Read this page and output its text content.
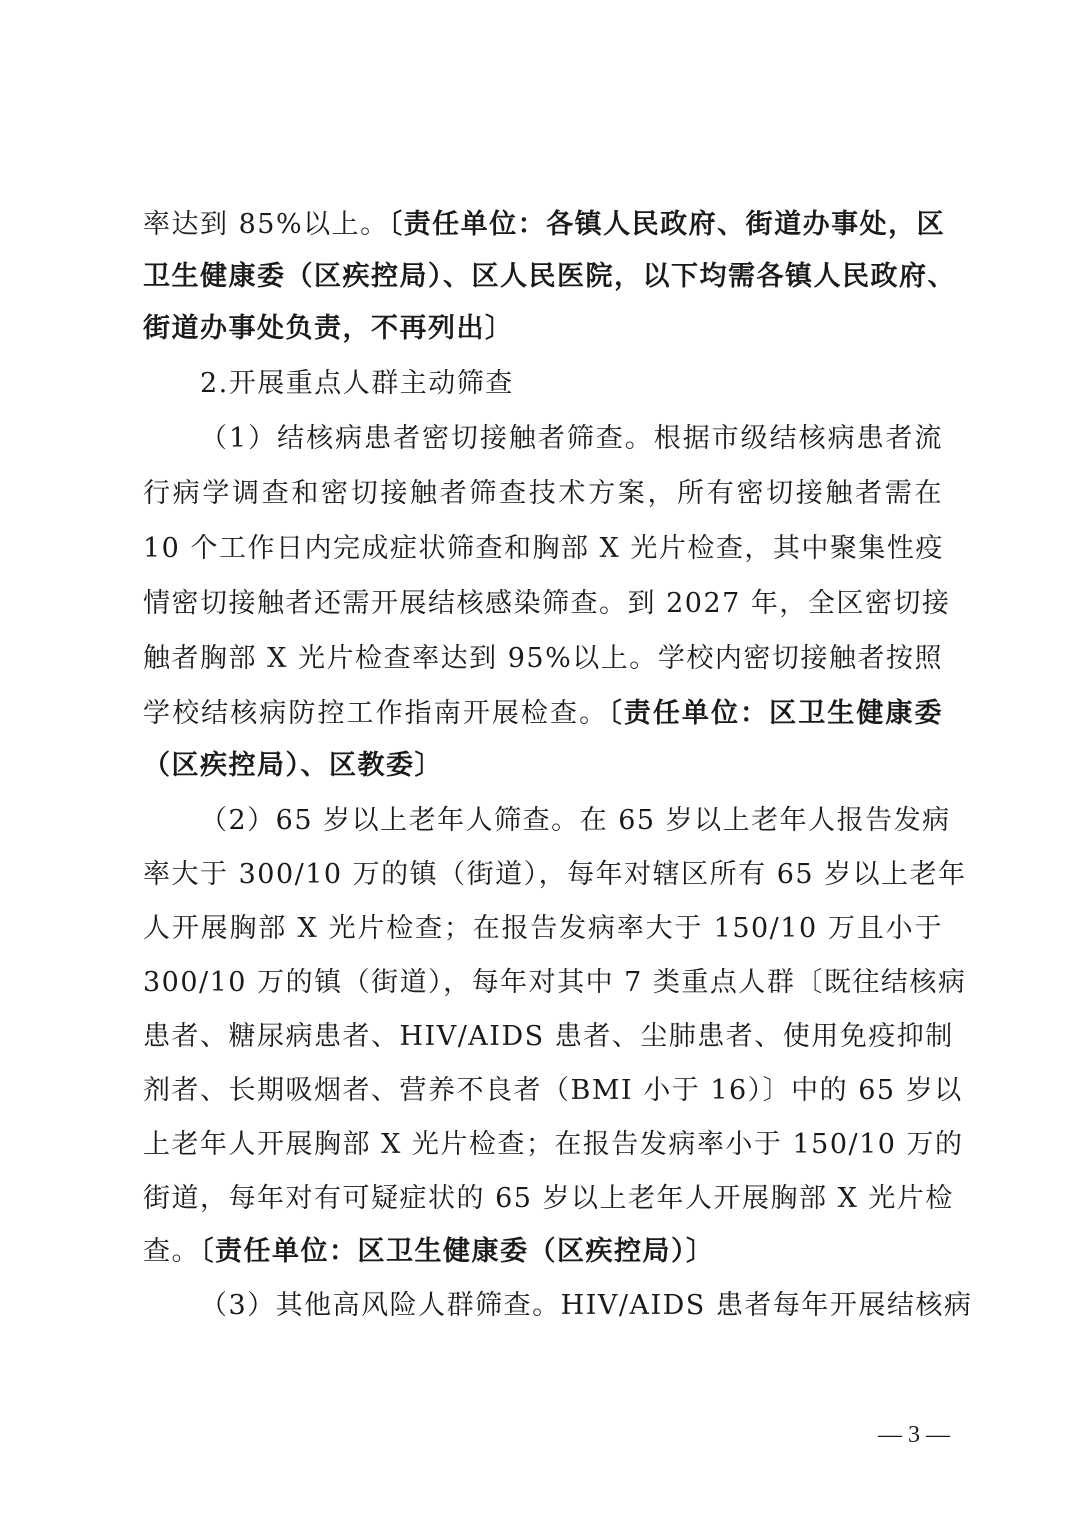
率达到 85%以上。〔责任单位：各镇人民政府、街道办事处，区
卫生健康委（区疾控局）、区人民医院，以下均需各镇人民政府、
街道办事处负责，不再列出〕
2.开展重点人群主动筛查
（1）结核病患者密切接触者筛查。根据市级结核病患者流
行病学调查和密切接触者筛查技术方案，所有密切接触者需在
10 个工作日内完成症状筛查和胸部 X 光片检查，其中聚集性疫
情密切接触者还需开展结核感染筛查。到 2027 年，全区密切接
触者胸部 X 光片检查率达到 95%以上。学校内密切接触者按照
学校结核病防控工作指南开展检查。〔责任单位：区卫生健康委
（区疾控局）、区教委〕
（2）65 岁以上老年人筛查。在 65 岁以上老年人报告发病
率大于 300/10 万的镇（街道），每年对辖区所有 65 岁以上老年
人开展胸部 X 光片检查；在报告发病率大于 150/10 万且小于
300/10 万的镇（街道），每年对其中 7 类重点人群〔既往结核病
患者、糖尿病患者、HIV/AIDS 患者、尘肺患者、使用免疫抑制
剂者、长期吸烟者、营养不良者（BMI 小于 16）〕中的 65 岁以
上老年人开展胸部 X 光片检查；在报告发病率小于 150/10 万的
街道，每年对有可疑症状的 65 岁以上老年人开展胸部 X 光片检
查。〔责任单位：区卫生健康委（区疾控局）〕
（3）其他高风险人群筛查。HIV/AIDS 患者每年开展结核病
— 3 —
